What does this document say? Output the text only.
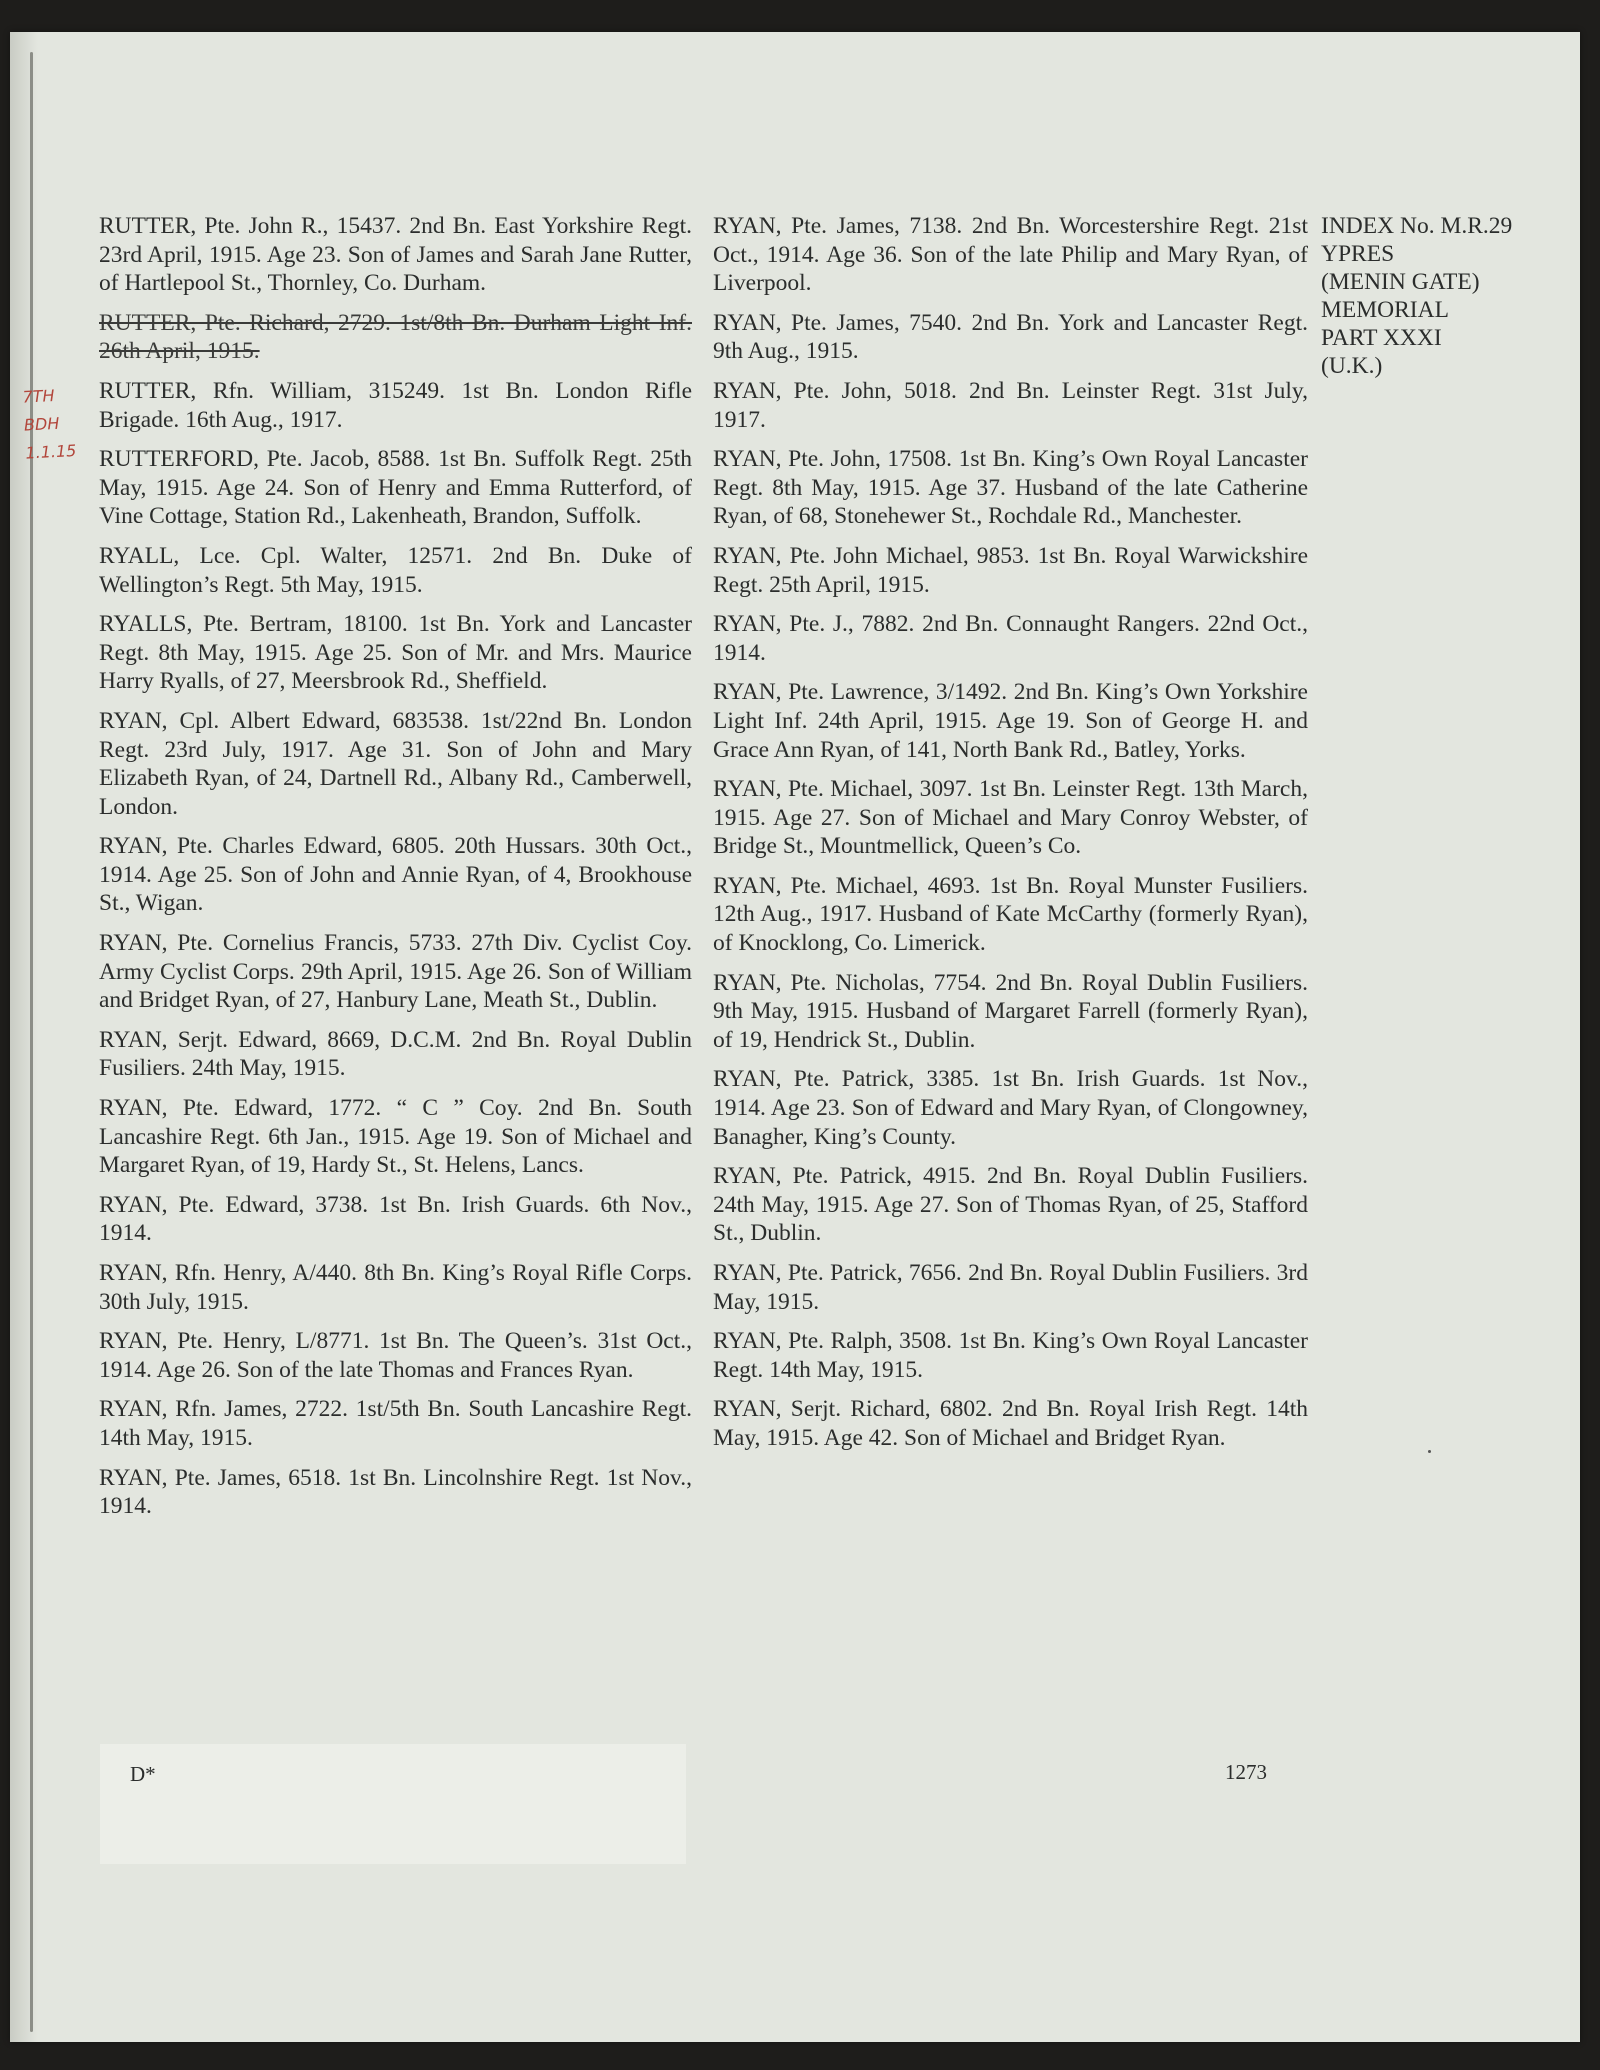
7TH
BDH
1.1.15

RUTTER, Pte. John R., 15437. 2nd Bn. East Yorkshire Regt. 23rd April, 1915. Age 23. Son of James and Sarah Jane Rutter, of Hartlepool St., Thornley, Co. Durham.

RUTTER, Pte. Richard, 2729. 1st/8th Bn. Durham Light Inf. 26th April, 1915.

RUTTER, Rfn. William, 315249. 1st Bn. London Rifle Brigade. 16th Aug., 1917.

RUTTERFORD, Pte. Jacob, 8588. 1st Bn. Suffolk Regt. 25th May, 1915. Age 24. Son of Henry and Emma Rutterford, of Vine Cottage, Station Rd., Lakenheath, Brandon, Suffolk.

RYALL, Lce. Cpl. Walter, 12571. 2nd Bn. Duke of Wellington’s Regt. 5th May, 1915.

RYALLS, Pte. Bertram, 18100. 1st Bn. York and Lancaster Regt. 8th May, 1915. Age 25. Son of Mr. and Mrs. Maurice Harry Ryalls, of 27, Meersbrook Rd., Sheffield.

RYAN, Cpl. Albert Edward, 683538. 1st/22nd Bn. London Regt. 23rd July, 1917. Age 31. Son of John and Mary Elizabeth Ryan, of 24, Dartnell Rd., Albany Rd., Camberwell, London.

RYAN, Pte. Charles Edward, 6805. 20th Hussars. 30th Oct., 1914. Age 25. Son of John and Annie Ryan, of 4, Brookhouse St., Wigan.

RYAN, Pte. Cornelius Francis, 5733. 27th Div. Cyclist Coy. Army Cyclist Corps. 29th April, 1915. Age 26. Son of William and Bridget Ryan, of 27, Hanbury Lane, Meath St., Dublin.

RYAN, Serjt. Edward, 8669, D.C.M. 2nd Bn. Royal Dublin Fusiliers. 24th May, 1915.

RYAN, Pte. Edward, 1772. “ C ” Coy. 2nd Bn. South Lancashire Regt. 6th Jan., 1915. Age 19. Son of Michael and Margaret Ryan, of 19, Hardy St., St. Helens, Lancs.

RYAN, Pte. Edward, 3738. 1st Bn. Irish Guards. 6th Nov., 1914.

RYAN, Rfn. Henry, A/440. 8th Bn. King’s Royal Rifle Corps. 30th July, 1915.

RYAN, Pte. Henry, L/8771. 1st Bn. The Queen’s. 31st Oct., 1914. Age 26. Son of the late Thomas and Frances Ryan.

RYAN, Rfn. James, 2722. 1st/5th Bn. South Lancashire Regt. 14th May, 1915.

RYAN, Pte. James, 6518. 1st Bn. Lincolnshire Regt. 1st Nov., 1914.

RYAN, Pte. James, 7138. 2nd Bn. Worcestershire Regt. 21st Oct., 1914. Age 36. Son of the late Philip and Mary Ryan, of Liverpool.

RYAN, Pte. James, 7540. 2nd Bn. York and Lancaster Regt. 9th Aug., 1915.

RYAN, Pte. John, 5018. 2nd Bn. Leinster Regt. 31st July, 1917.

RYAN, Pte. John, 17508. 1st Bn. King’s Own Royal Lancaster Regt. 8th May, 1915. Age 37. Husband of the late Catherine Ryan, of 68, Stonehewer St., Rochdale Rd., Manchester.

RYAN, Pte. John Michael, 9853. 1st Bn. Royal Warwickshire Regt. 25th April, 1915.

RYAN, Pte. J., 7882. 2nd Bn. Connaught Rangers. 22nd Oct., 1914.

RYAN, Pte. Lawrence, 3/1492. 2nd Bn. King’s Own Yorkshire Light Inf. 24th April, 1915. Age 19. Son of George H. and Grace Ann Ryan, of 141, North Bank Rd., Batley, Yorks.

RYAN, Pte. Michael, 3097. 1st Bn. Leinster Regt. 13th March, 1915. Age 27. Son of Michael and Mary Conroy Webster, of Bridge St., Mountmellick, Queen’s Co.

RYAN, Pte. Michael, 4693. 1st Bn. Royal Munster Fusiliers. 12th Aug., 1917. Husband of Kate McCarthy (formerly Ryan), of Knocklong, Co. Limerick.

RYAN, Pte. Nicholas, 7754. 2nd Bn. Royal Dublin Fusiliers. 9th May, 1915. Husband of Margaret Farrell (formerly Ryan), of 19, Hendrick St., Dublin.

RYAN, Pte. Patrick, 3385. 1st Bn. Irish Guards. 1st Nov., 1914. Age 23. Son of Edward and Mary Ryan, of Clongowney, Banagher, King’s County.

RYAN, Pte. Patrick, 4915. 2nd Bn. Royal Dublin Fusiliers. 24th May, 1915. Age 27. Son of Thomas Ryan, of 25, Stafford St., Dublin.

RYAN, Pte. Patrick, 7656. 2nd Bn. Royal Dublin Fusiliers. 3rd May, 1915.

RYAN, Pte. Ralph, 3508. 1st Bn. King’s Own Royal Lancaster Regt. 14th May, 1915.

RYAN, Serjt. Richard, 6802. 2nd Bn. Royal Irish Regt. 14th May, 1915. Age 42. Son of Michael and Bridget Ryan.

INDEX No. M.R.29
YPRES
(MENIN GATE)
MEMORIAL
PART XXXI
(U.K.)
D*	1273
